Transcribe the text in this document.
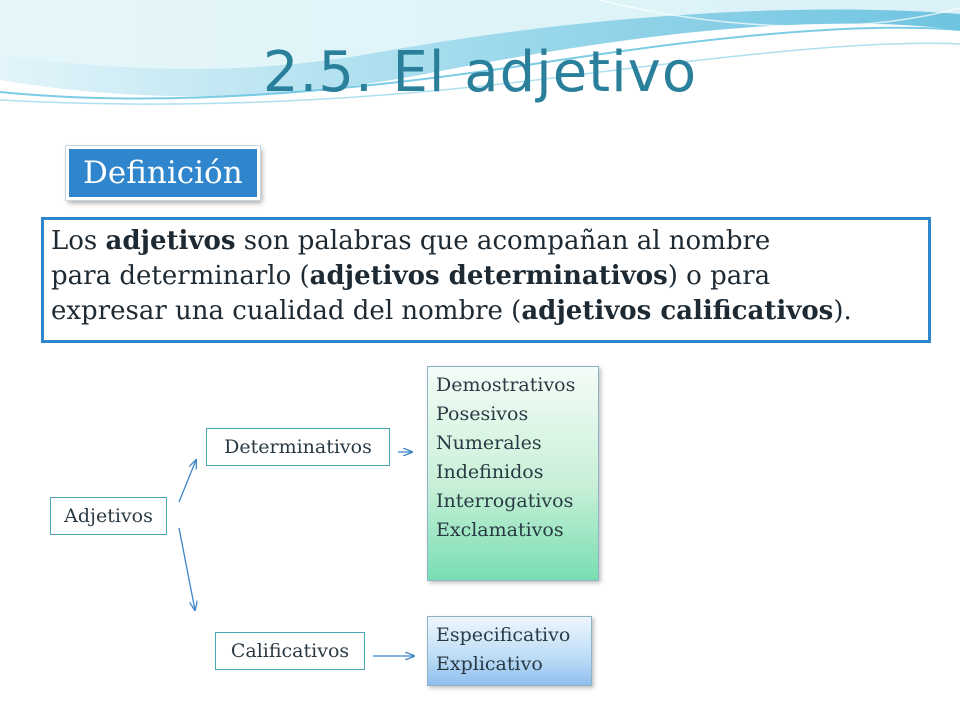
2.5. El adjetivo
Definición

Los adjetivos son palabras que acompañan al nombre

para determinarlo (adjetivos determinativos) o para

expresar una cualidad del nombre (adjetivos calificativos).

Adjetivos
Determinativos
Calificativos
Demostrativos
Posesivos
Numerales
Indefinidos
Interrogativos
Exclamativos
Especificativo
Explicativo
